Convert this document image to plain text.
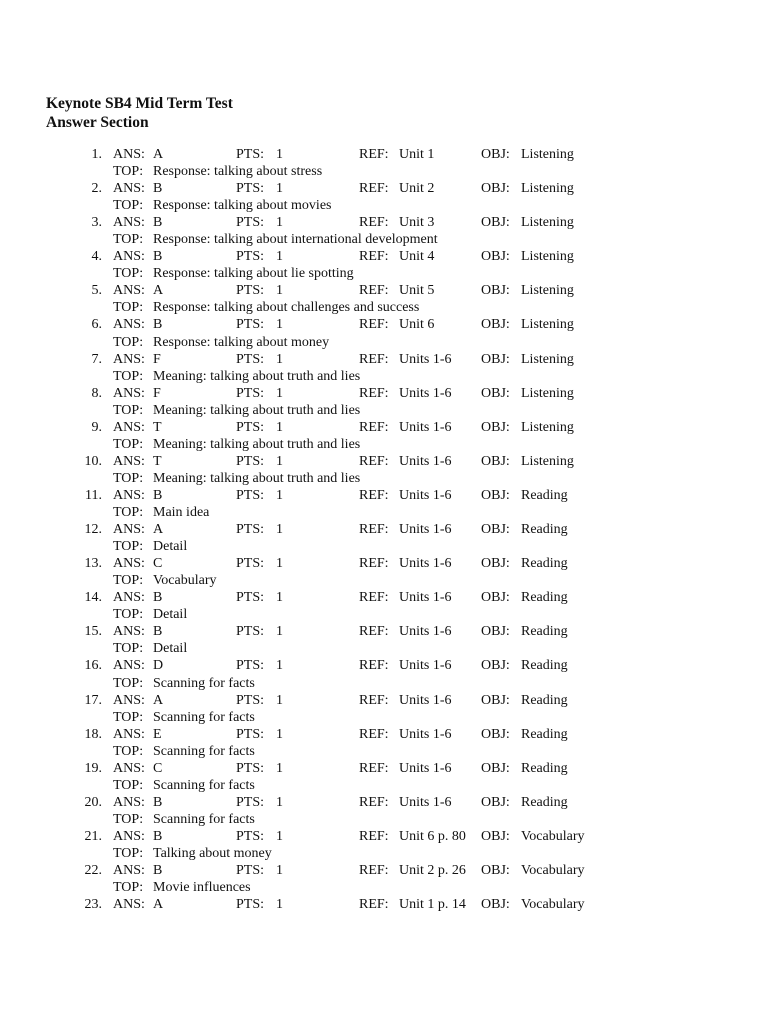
Keynote SB4 Mid Term Test
Answer Section
1. ANS: A	PTS: 1	REF: Unit 1	OBJ: Listening
TOP: Response: talking about stress
2. ANS: B	PTS: 1	REF: Unit 2	OBJ: Listening
TOP: Response: talking about movies
3. ANS: B	PTS: 1	REF: Unit 3	OBJ: Listening
TOP: Response: talking about international development
4. ANS: B	PTS: 1	REF: Unit 4	OBJ: Listening
TOP: Response: talking about lie spotting
5. ANS: A	PTS: 1	REF: Unit 5	OBJ: Listening
TOP: Response: talking about challenges and success
6. ANS: B	PTS: 1	REF: Unit 6	OBJ: Listening
TOP: Response: talking about money
7. ANS: F	PTS: 1	REF: Units 1-6 OBJ: Listening
TOP: Meaning: talking about truth and lies
8. ANS: F	PTS: 1	REF: Units 1-6 OBJ: Listening
TOP: Meaning: talking about truth and lies
9. ANS: T	PTS: 1	REF: Units 1-6 OBJ: Listening
TOP: Meaning: talking about truth and lies
10. ANS: T	PTS: 1	REF: Units 1-6 OBJ: Listening
TOP: Meaning: talking about truth and lies
11. ANS: B	PTS: 1	REF: Units 1-6 OBJ: Reading
TOP: Main idea
12. ANS: A	PTS: 1	REF: Units 1-6 OBJ: Reading
TOP: Detail
13. ANS: C	PTS: 1	REF: Units 1-6 OBJ: Reading
TOP: Vocabulary
14. ANS: B	PTS: 1	REF: Units 1-6 OBJ: Reading
TOP: Detail
15. ANS: B	PTS: 1	REF: Units 1-6 OBJ: Reading
TOP: Detail
16. ANS: D	PTS: 1	REF: Units 1-6 OBJ: Reading
TOP: Scanning for facts
17. ANS: A	PTS: 1	REF: Units 1-6 OBJ: Reading
TOP: Scanning for facts
18. ANS: E	PTS: 1	REF: Units 1-6 OBJ: Reading
TOP: Scanning for facts
19. ANS: C	PTS: 1	REF: Units 1-6 OBJ: Reading
TOP: Scanning for facts
20. ANS: B	PTS: 1	REF: Units 1-6 OBJ: Reading
TOP: Scanning for facts
21. ANS: B	PTS: 1	REF: Unit 6 p. 80 OBJ: Vocabulary
TOP: Talking about money
22. ANS: B	PTS: 1	REF: Unit 2 p. 26 OBJ: Vocabulary
TOP: Movie influences
23. ANS: A	PTS: 1	REF: Unit 1 p. 14 OBJ: Vocabulary
